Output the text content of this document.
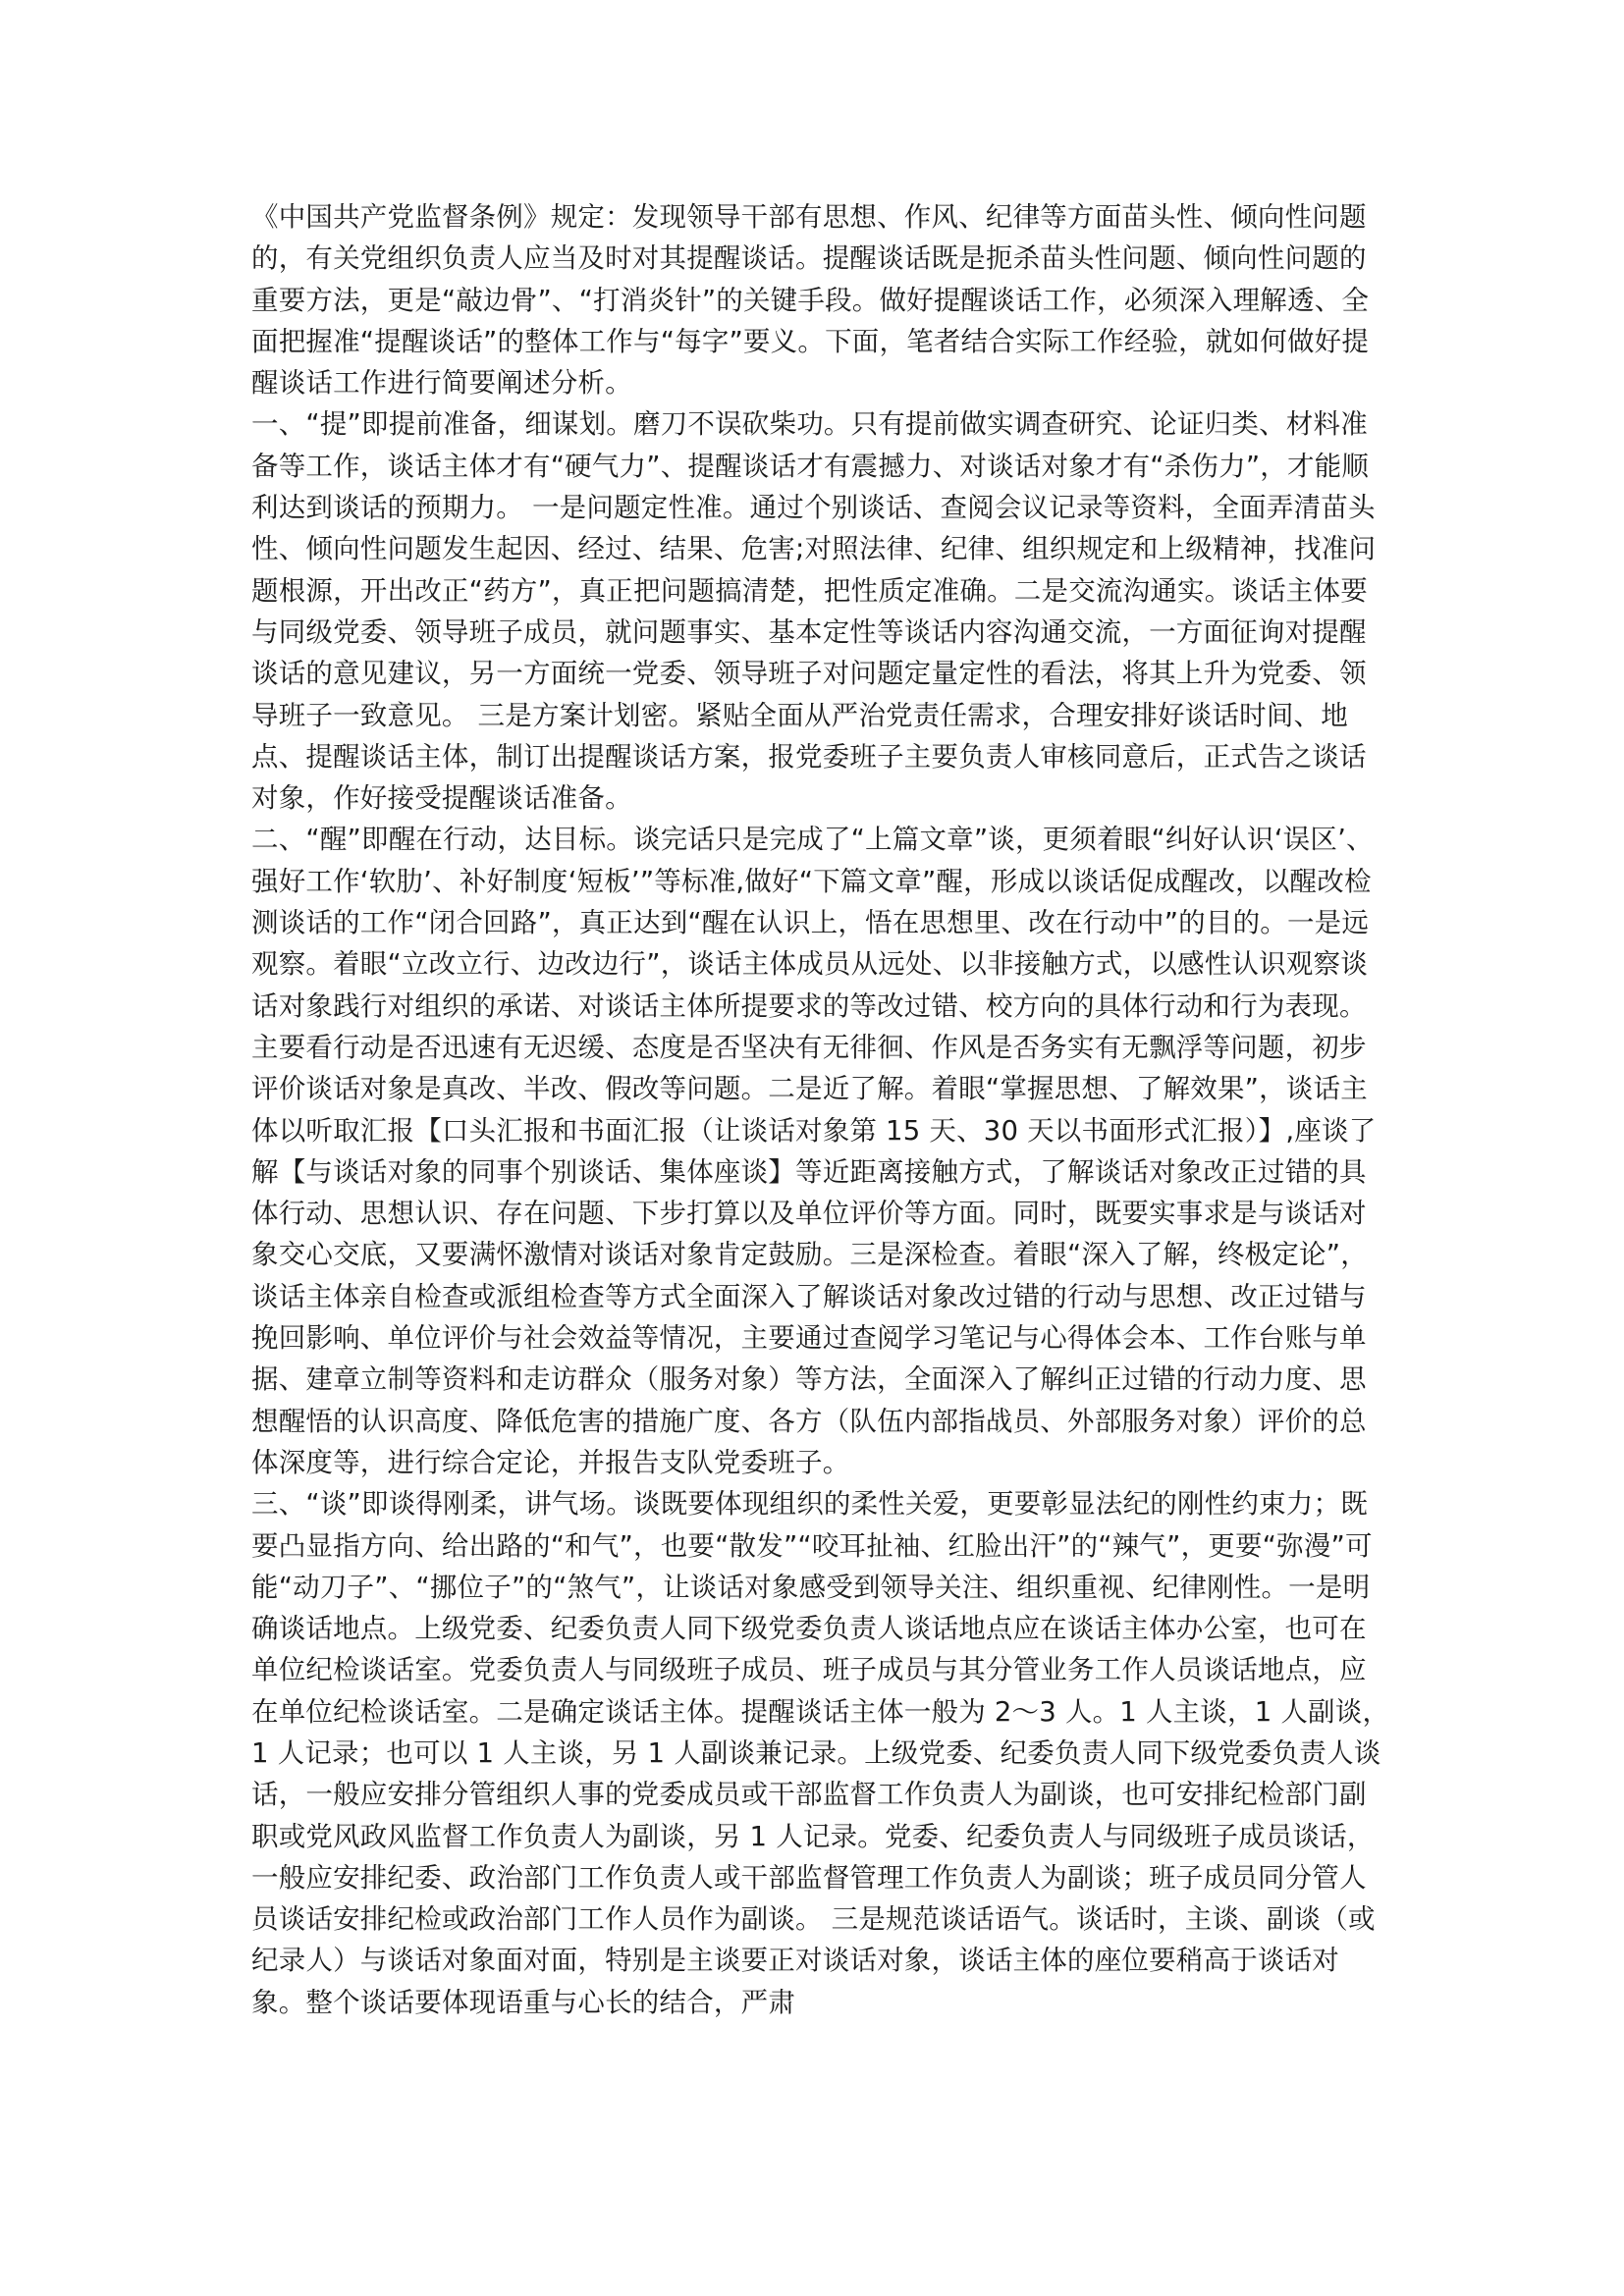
《中国共产党监督条例》规定：发现领导干部有思想、作风、纪律等方面苗头性、倾向性问题的，有关党组织负责人应当及时对其提醒谈话。提醒谈话既是扼杀苗头性问题、倾向性问题的重要方法，更是“敲边骨”、“打消炎针”的关键手段。做好提醒谈话工作，必须深入理解透、全面把握准“提醒谈话”的整体工作与“每字”要义。下面，笔者结合实际工作经验，就如何做好提醒谈话工作进行简要阐述分析。

一、“提”即提前准备，细谋划。磨刀不误砍柴功。只有提前做实调查研究、论证归类、材料准备等工作，谈话主体才有“硬气力”、提醒谈话才有震撼力、对谈话对象才有“杀伤力”，才能顺利达到谈话的预期力。 一是问题定性准。通过个别谈话、查阅会议记录等资料，全面弄清苗头性、倾向性问题发生起因、经过、结果、危害;对照法律、纪律、组织规定和上级精神，找准问题根源，开出改正“药方”，真正把问题搞清楚，把性质定准确。二是交流沟通实。谈话主体要与同级党委、领导班子成员，就问题事实、基本定性等谈话内容沟通交流，一方面征询对提醒谈话的意见建议，另一方面统一党委、领导班子对问题定量定性的看法，将其上升为党委、领导班子一致意见。 三是方案计划密。紧贴全面从严治党责任需求，合理安排好谈话时间、地点、提醒谈话主体，制订出提醒谈话方案，报党委班子主要负责人审核同意后，正式告之谈话对象，作好接受提醒谈话准备。

二、“醒”即醒在行动，达目标。谈完话只是完成了“上篇文章”谈，更须着眼“纠好认识‘误区’、强好工作‘软肋’、补好制度‘短板’”等标准,做好“下篇文章”醒，形成以谈话促成醒改，以醒改检测谈话的工作“闭合回路”，真正达到“醒在认识上，悟在思想里、改在行动中”的目的。一是远观察。着眼“立改立行、边改边行”，谈话主体成员从远处、以非接触方式，以感性认识观察谈话对象践行对组织的承诺、对谈话主体所提要求的等改过错、校方向的具体行动和行为表现。主要看行动是否迅速有无迟缓、态度是否坚决有无徘徊、作风是否务实有无飘浮等问题，初步评价谈话对象是真改、半改、假改等问题。二是近了解。着眼“掌握思想、了解效果”，谈话主体以听取汇报【口头汇报和书面汇报（让谈话对象第 15 天、30 天以书面形式汇报）】,座谈了解【与谈话对象的同事个别谈话、集体座谈】等近距离接触方式，了解谈话对象改正过错的具体行动、思想认识、存在问题、下步打算以及单位评价等方面。同时，既要实事求是与谈话对象交心交底，又要满怀激情对谈话对象肯定鼓励。三是深检查。着眼“深入了解，终极定论”，谈话主体亲自检查或派组检查等方式全面深入了解谈话对象改过错的行动与思想、改正过错与挽回影响、单位评价与社会效益等情况，主要通过查阅学习笔记与心得体会本、工作台账与单据、建章立制等资料和走访群众（服务对象）等方法，全面深入了解纠正过错的行动力度、思想醒悟的认识高度、降低危害的措施广度、各方（队伍内部指战员、外部服务对象）评价的总体深度等，进行综合定论，并报告支队党委班子。

三、“谈”即谈得刚柔，讲气场。谈既要体现组织的柔性关爱，更要彰显法纪的刚性约束力；既要凸显指方向、给出路的“和气”，也要“散发”“咬耳扯袖、红脸出汗”的“辣气”，更要“弥漫”可能“动刀子”、“挪位子”的“煞气”，让谈话对象感受到领导关注、组织重视、纪律刚性。一是明确谈话地点。上级党委、纪委负责人同下级党委负责人谈话地点应在谈话主体办公室，也可在单位纪检谈话室。党委负责人与同级班子成员、班子成员与其分管业务工作人员谈话地点，应在单位纪检谈话室。二是确定谈话主体。提醒谈话主体一般为 2～3 人。1 人主谈，1 人副谈，1 人记录；也可以 1 人主谈，另 1 人副谈兼记录。上级党委、纪委负责人同下级党委负责人谈话，一般应安排分管组织人事的党委成员或干部监督工作负责人为副谈，也可安排纪检部门副职或党风政风监督工作负责人为副谈，另 1 人记录。党委、纪委负责人与同级班子成员谈话，一般应安排纪委、政治部门工作负责人或干部监督管理工作负责人为副谈；班子成员同分管人员谈话安排纪检或政治部门工作人员作为副谈。 三是规范谈话语气。谈话时，主谈、副谈（或纪录人）与谈话对象面对面，特别是主谈要正对谈话对象，谈话主体的座位要稍高于谈话对象。整个谈话要体现语重与心长的结合，严肃
